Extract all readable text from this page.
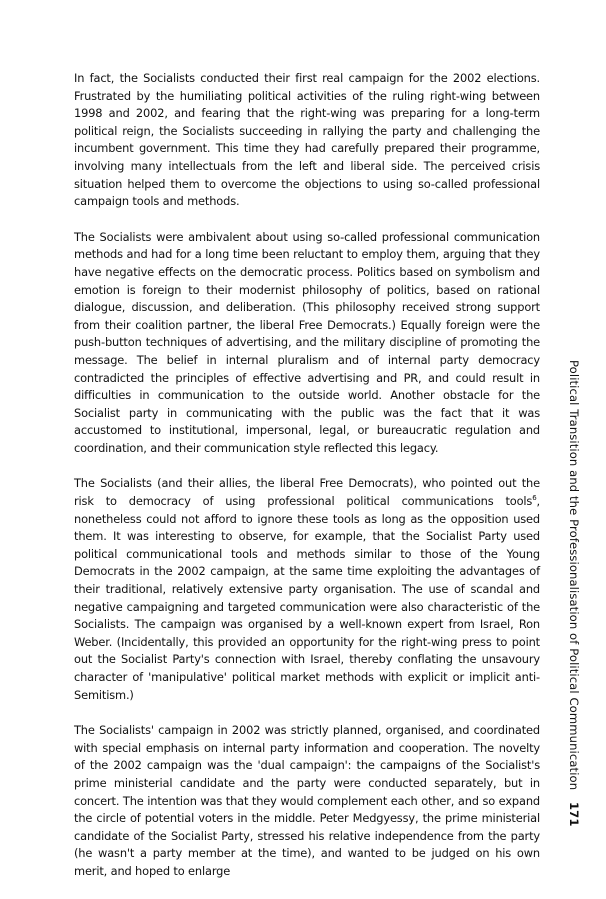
In fact, the Socialists conducted their first real campaign for the 2002 elections. Frustrated by the humiliating political activities of the ruling right-wing between 1998 and 2002, and fearing that the right-wing was preparing for a long-term political reign, the Socialists succeeding in rallying the party and challenging the incumbent government. This time they had carefully prepared their programme, involving many intellectuals from the left and liberal side. The perceived crisis situation helped them to overcome the objections to using so-called professional campaign tools and methods.

The Socialists were ambivalent about using so-called professional communication methods and had for a long time been reluctant to employ them, arguing that they have negative effects on the democratic process. Politics based on symbolism and emotion is foreign to their modernist philosophy of politics, based on rational dialogue, discussion, and deliberation. (This philosophy received strong support from their coalition partner, the liberal Free Democrats.) Equally foreign were the push-button techniques of advertising, and the military discipline of promoting the message. The belief in internal pluralism and of internal party democracy contradicted the principles of effective advertising and PR, and could result in difficulties in communication to the outside world. Another obstacle for the Socialist party in communicating with the public was the fact that it was accustomed to institutional, impersonal, legal, or bureaucratic regulation and coordination, and their communication style reflected this legacy.

The Socialists (and their allies, the liberal Free Democrats), who pointed out the risk to democracy of using professional political communications tools$^6$, nonetheless could not afford to ignore these tools as long as the opposition used them. It was interesting to observe, for example, that the Socialist Party used political communicational tools and methods similar to those of the Young Democrats in the 2002 campaign, at the same time exploiting the advantages of their traditional, relatively extensive party organisation. The use of scandal and negative campaigning and targeted communication were also characteristic of the Socialists. The campaign was organised by a well-known expert from Israel, Ron Weber. (Incidentally, this provided an opportunity for the right-wing press to point out the Socialist Party's connection with Israel, thereby conflating the unsavoury character of 'manipulative' political market methods with explicit or implicit anti-Semitism.)

The Socialists' campaign in 2002 was strictly planned, organised, and coordinated with special emphasis on internal party information and cooperation. The novelty of the 2002 campaign was the 'dual campaign': the campaigns of the Socialist's prime ministerial candidate and the party were conducted separately, but in concert. The intention was that they would complement each other, and so expand the circle of potential voters in the middle. Peter Medgyessy, the prime ministerial candidate of the Socialist Party, stressed his relative independence from the party (he wasn't a party member at the time), and wanted to be judged on his own merit, and hoped to enlarge

Political Transition and the Professionalisation of Political Communication 171
